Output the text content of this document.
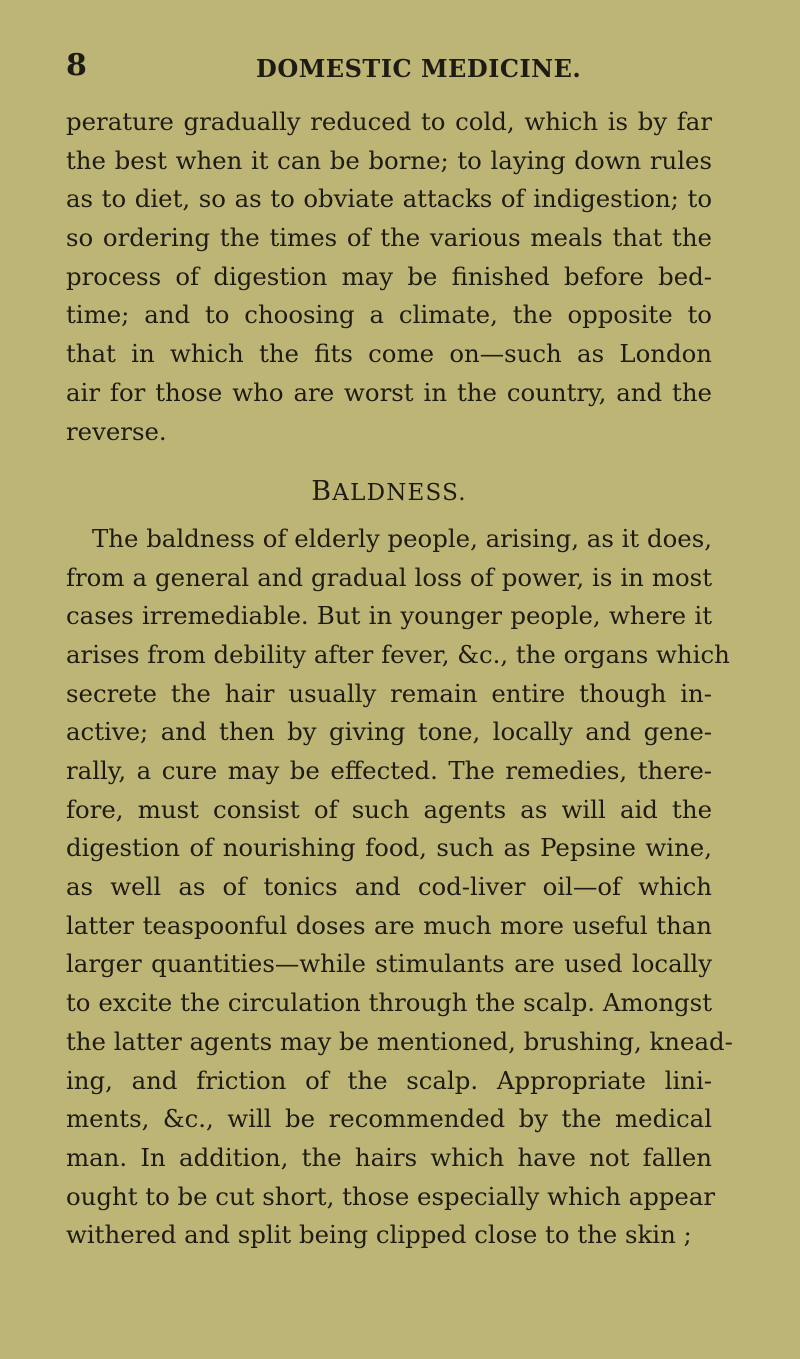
8	DOMESTIC MEDICINE.
perature gradually reduced to cold, which is by far
the best when it can be borne; to laying down rules
as to diet, so as to obviate attacks of indigestion; to
so ordering the times of the various meals that the
process of digestion may be finished before bed-
time; and to choosing a climate, the opposite to
that in which the fits come on—such as London
air for those who are worst in the country, and the
reverse.
BALDNESS.
The baldness of elderly people, arising, as it does,
from a general and gradual loss of power, is in most
cases irremediable. But in younger people, where it
arises from debility after fever, &c., the organs which
secrete the hair usually remain entire though in-
active; and then by giving tone, locally and gene-
rally, a cure may be effected. The remedies, there-
fore, must consist of such agents as will aid the
digestion of nourishing food, such as Pepsine wine,
as well as of tonics and cod-liver oil—of which
latter teaspoonful doses are much more useful than
larger quantities—while stimulants are used locally
to excite the circulation through the scalp. Amongst
the latter agents may be mentioned, brushing, knead-
ing, and friction of the scalp. Appropriate lini-
ments, &c., will be recommended by the medical
man. In addition, the hairs which have not fallen
ought to be cut short, those especially which appear
withered and split being clipped close to the skin ;
